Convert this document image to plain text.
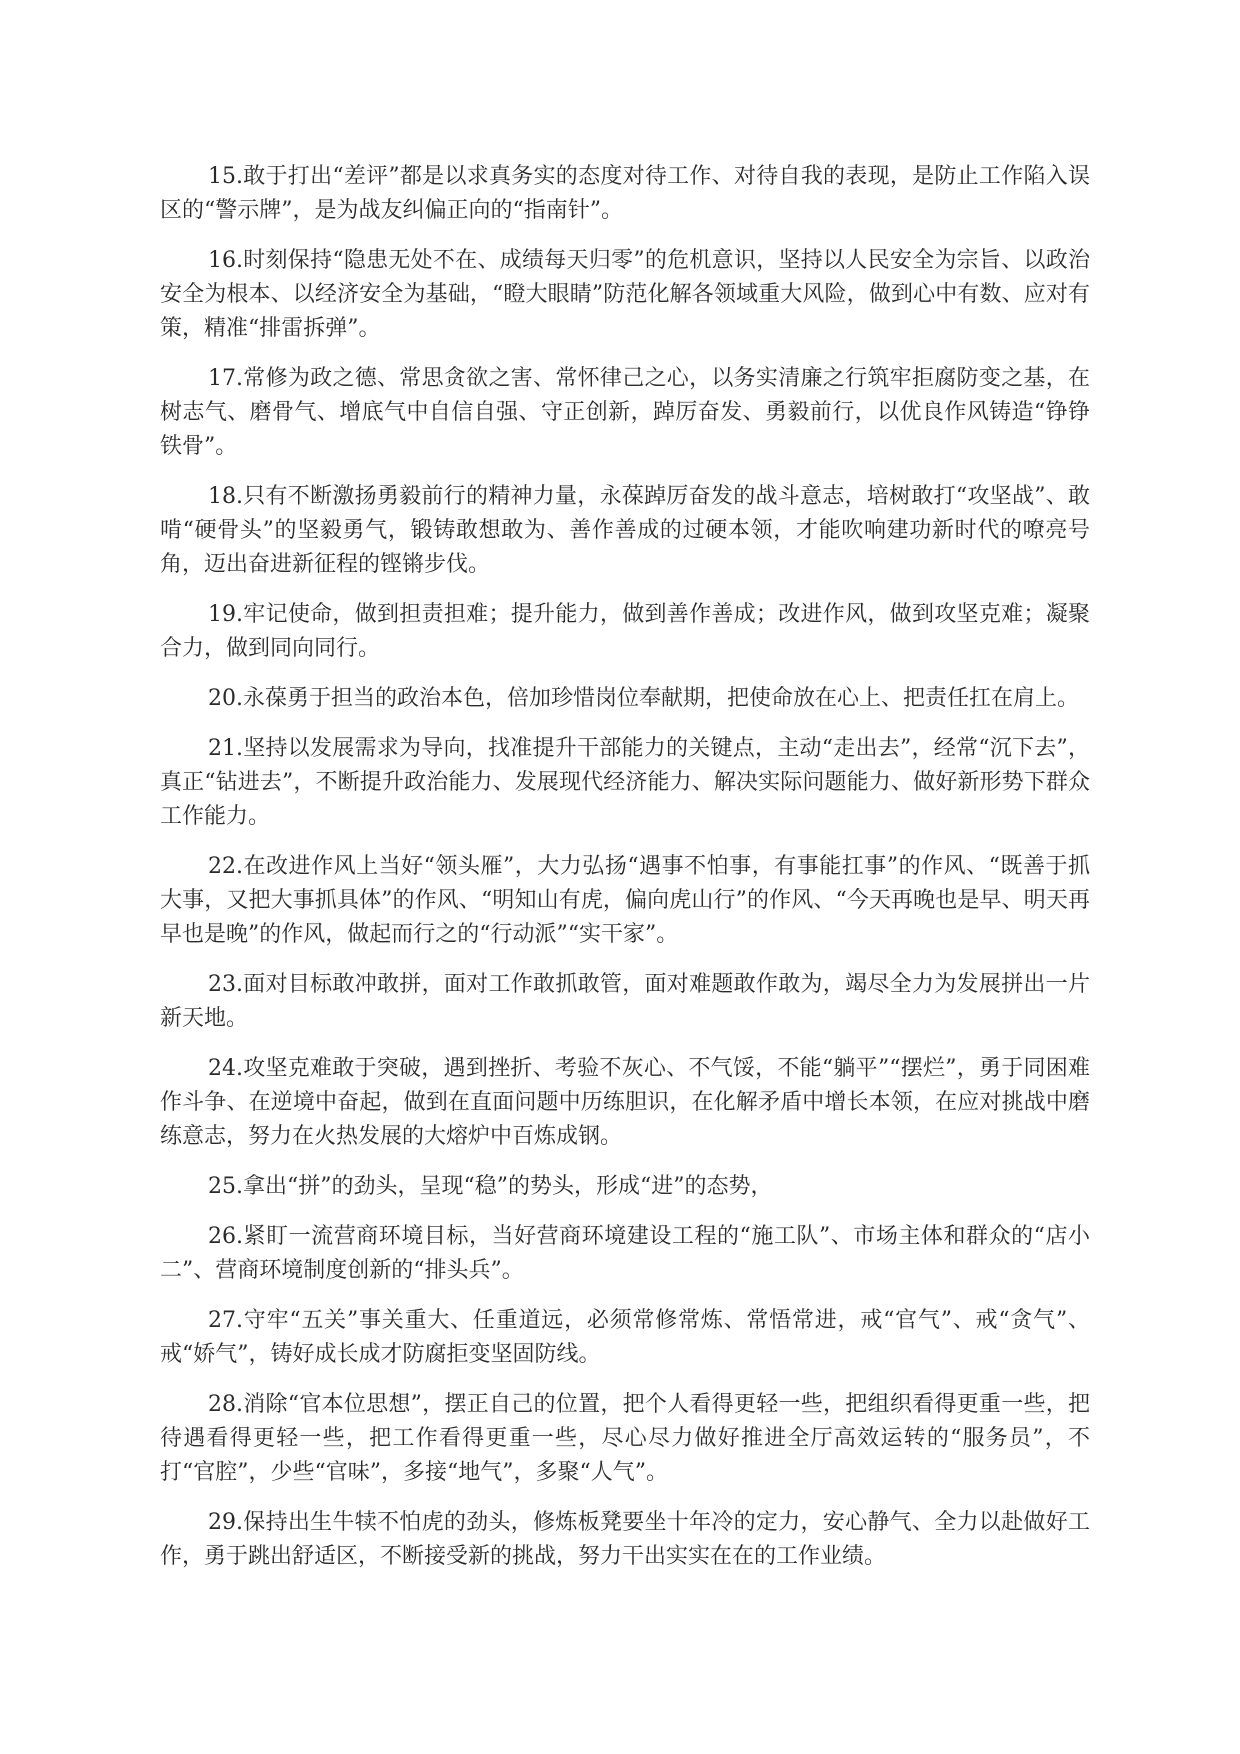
15.敢于打出“差评”都是以求真务实的态度对待工作、对待自我的表现，是防止工作陷入误区的“警示牌”，是为战友纠偏正向的“指南针”。

16.时刻保持“隐患无处不在、成绩每天归零”的危机意识，坚持以人民安全为宗旨、以政治安全为根本、以经济安全为基础，“瞪大眼睛”防范化解各领域重大风险，做到心中有数、应对有策，精准“排雷拆弹”。

17.常修为政之德、常思贪欲之害、常怀律己之心，以务实清廉之行筑牢拒腐防变之基，在树志气、磨骨气、增底气中自信自强、守正创新，踔厉奋发、勇毅前行，以优良作风铸造“铮铮铁骨”。

18.只有不断激扬勇毅前行的精神力量，永葆踔厉奋发的战斗意志，培树敢打“攻坚战”、敢啃“硬骨头”的坚毅勇气，锻铸敢想敢为、善作善成的过硬本领，才能吹响建功新时代的嘹亮号角，迈出奋进新征程的铿锵步伐。

19.牢记使命，做到担责担难；提升能力，做到善作善成；改进作风，做到攻坚克难；凝聚合力，做到同向同行。

20.永葆勇于担当的政治本色，倍加珍惜岗位奉献期，把使命放在心上、把责任扛在肩上。

21.坚持以发展需求为导向，找准提升干部能力的关键点，主动“走出去”，经常“沉下去”，真正“钻进去”，不断提升政治能力、发展现代经济能力、解决实际问题能力、做好新形势下群众工作能力。

22.在改进作风上当好“领头雁”，大力弘扬“遇事不怕事，有事能扛事”的作风、“既善于抓大事，又把大事抓具体”的作风、“明知山有虎，偏向虎山行”的作风、“今天再晚也是早、明天再早也是晚”的作风，做起而行之的“行动派”“实干家”。

23.面对目标敢冲敢拼，面对工作敢抓敢管，面对难题敢作敢为，竭尽全力为发展拼出一片新天地。

24.攻坚克难敢于突破，遇到挫折、考验不灰心、不气馁，不能“躺平”“摆烂”，勇于同困难作斗争、在逆境中奋起，做到在直面问题中历练胆识，在化解矛盾中增长本领，在应对挑战中磨练意志，努力在火热发展的大熔炉中百炼成钢。

25.拿出“拼”的劲头，呈现“稳”的势头，形成“进”的态势，

26.紧盯一流营商环境目标，当好营商环境建设工程的“施工队”、市场主体和群众的“店小二”、营商环境制度创新的“排头兵”。

27.守牢“五关”事关重大、任重道远，必须常修常炼、常悟常进，戒“官气”、戒“贪气”、戒“娇气”，铸好成长成才防腐拒变坚固防线。

28.消除“官本位思想”，摆正自己的位置，把个人看得更轻一些，把组织看得更重一些，把待遇看得更轻一些，把工作看得更重一些，尽心尽力做好推进全厅高效运转的“服务员”，不打“官腔”，少些“官味”，多接“地气”，多聚“人气”。

29.保持出生牛犊不怕虎的劲头，修炼板凳要坐十年冷的定力，安心静气、全力以赴做好工作，勇于跳出舒适区，不断接受新的挑战，努力干出实实在在的工作业绩。
